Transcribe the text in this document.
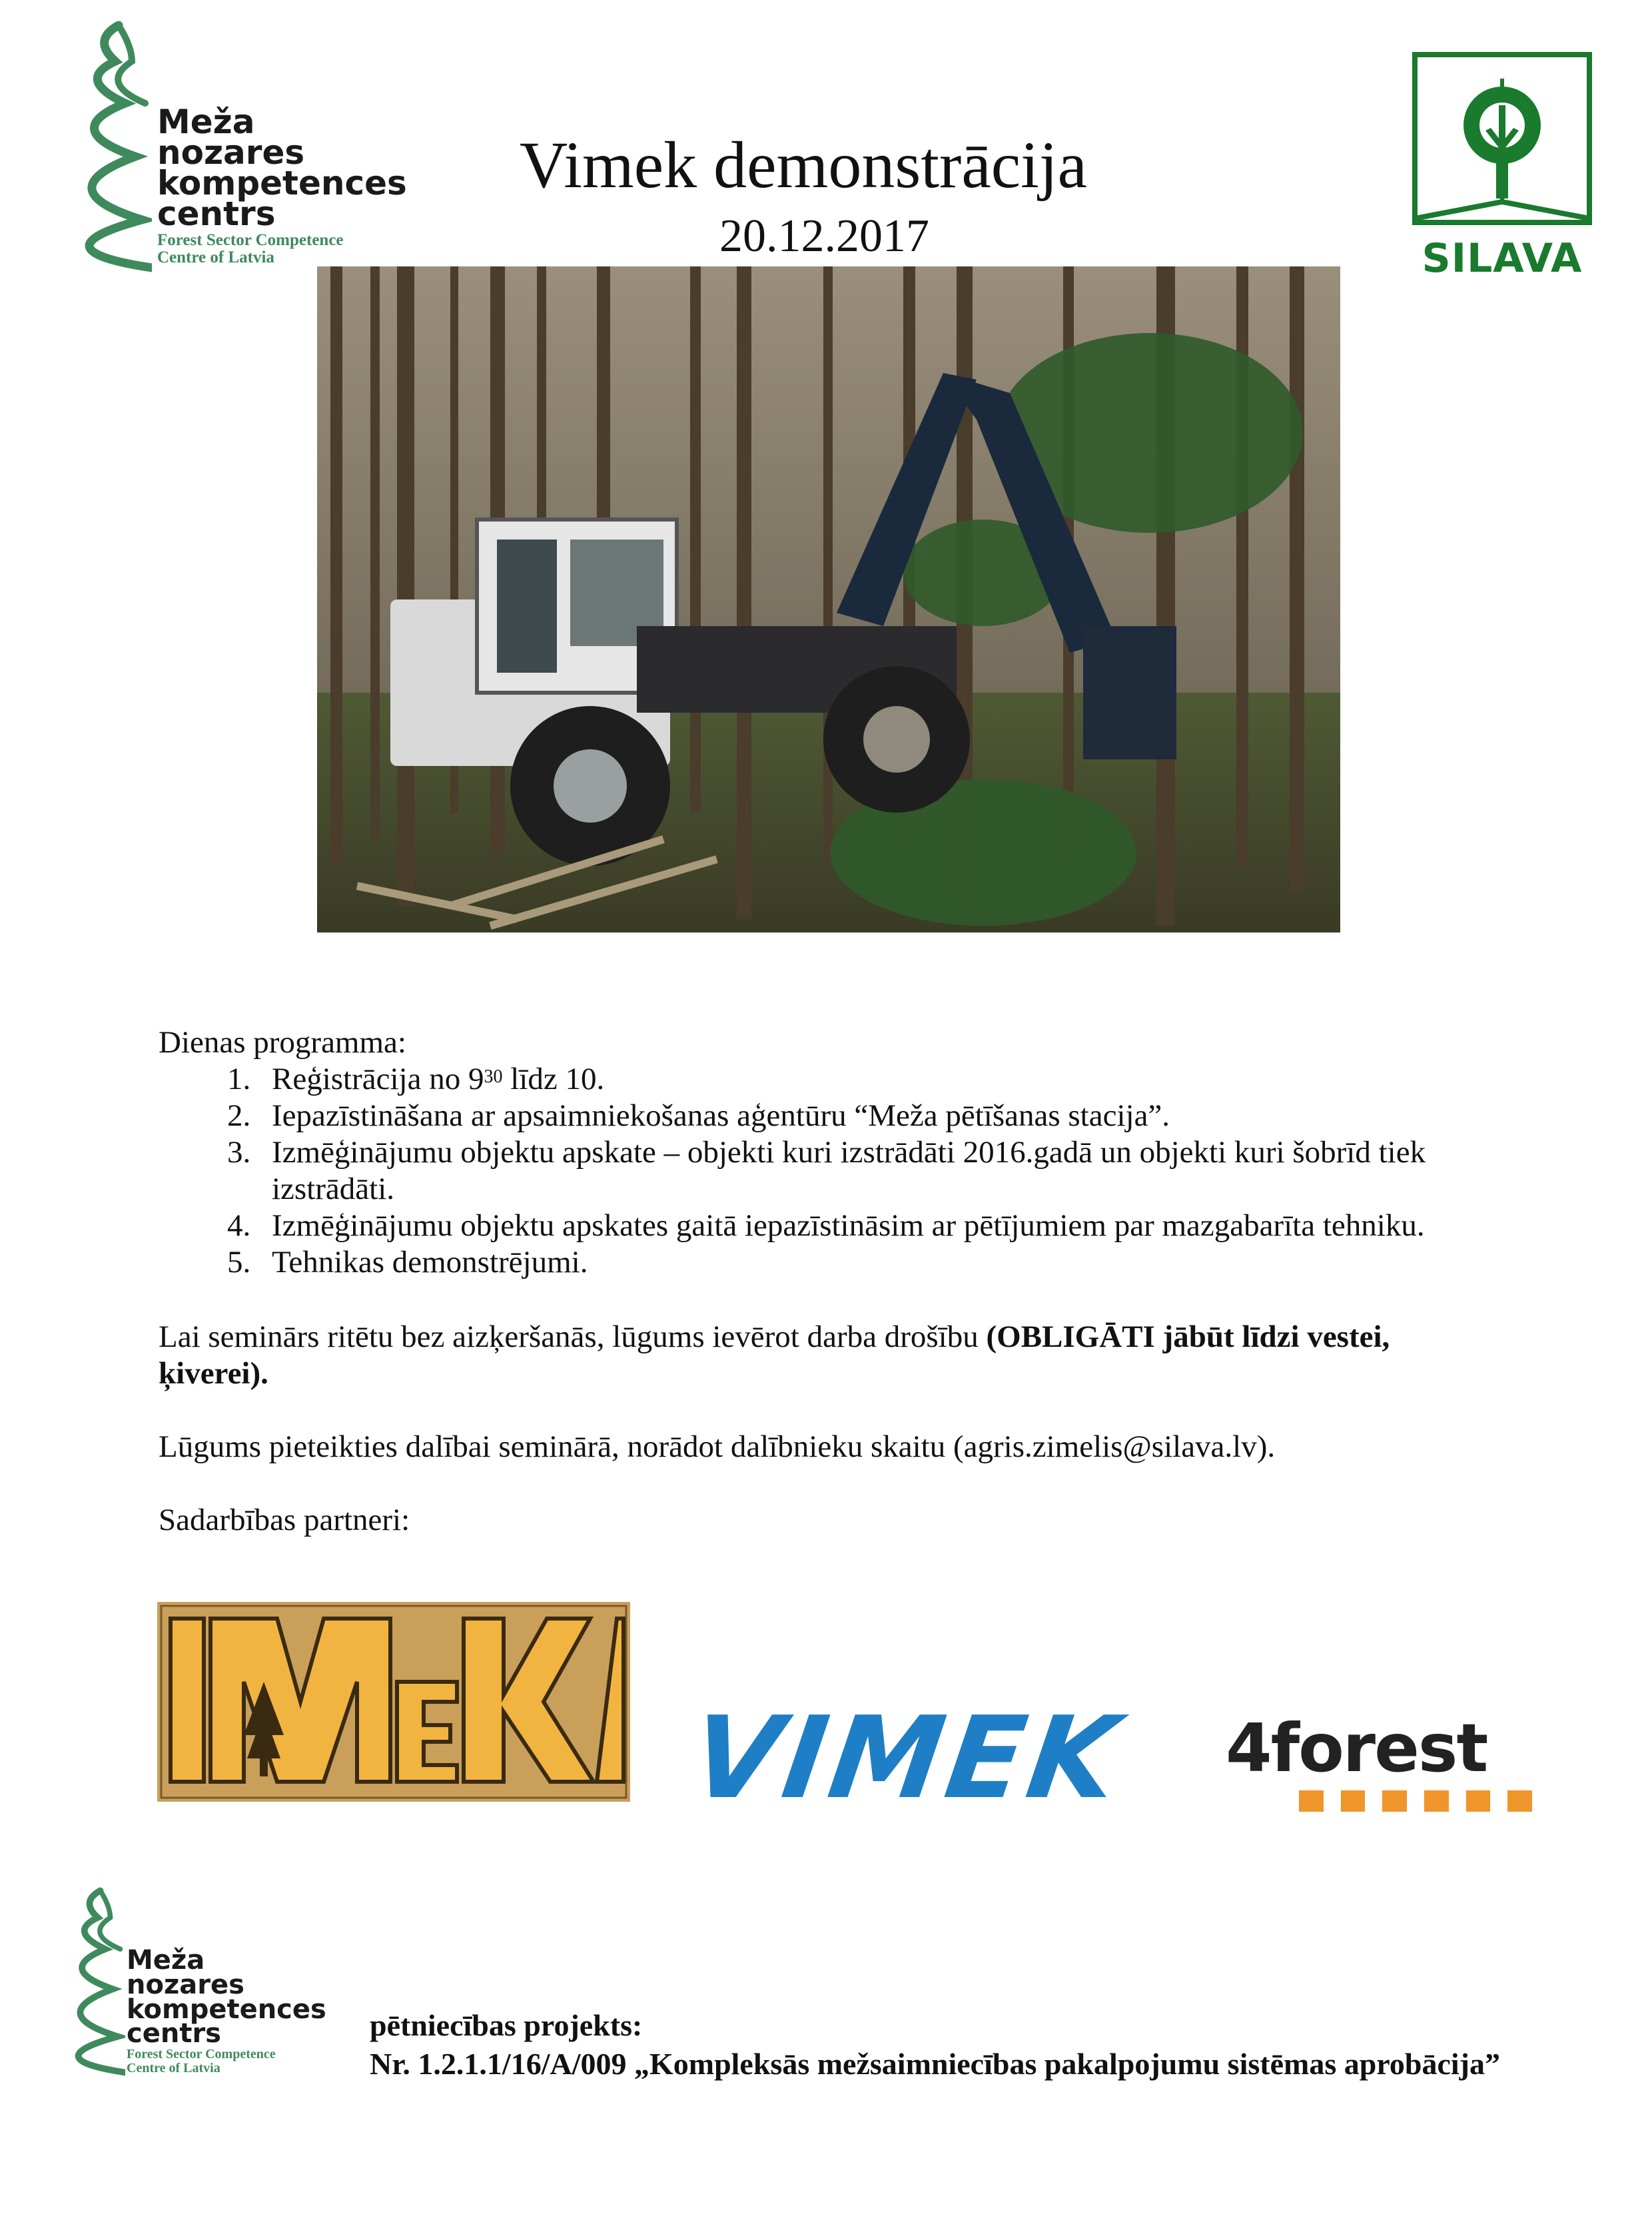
Meža
nozares
kompetences
centrs
Forest Sector Competence
Centre of Latvia
Vimek demonstrācija
20.12.2017	SILAVA
Dienas programma:
1. Reģistrācija no $9^{30}$ līdz 10.
2. Iepazīstināšana ar apsaimniekošanas aģentūru “Meža pētīšanas stacija”.
3. Izmēģinājumu objektu apskate – objekti kuri izstrādāti 2016.gadā un objekti kuri šobrīd tiek izstrādāti.
4. Izmēģinājumu objektu apskates gaitā iepazīstināsim ar pētījumiem par mazgabarīta tehniku.
5. Tehnikas demonstrējumi.
Lai seminārs ritētu bez aizķeršanās, lūgums ievērot darba drošību (OBLIGĀTI jābūt līdzi vestei, ķiverei).
Lūgums pieteikties dalībai seminārā, norādot dalībnieku skaitu (agris.zimelis@silava.lv).
Sadarbības partneri:
VIMEK	4forest
Meža
nozares
kompetences
centrs
Forest Sector Competence
Centre of Latvia
pētniecības projekts:
Nr. 1.2.1.1/16/A/009 „Kompleksās mežsaimniecības pakalpojumu sistēmas aprobācija”
